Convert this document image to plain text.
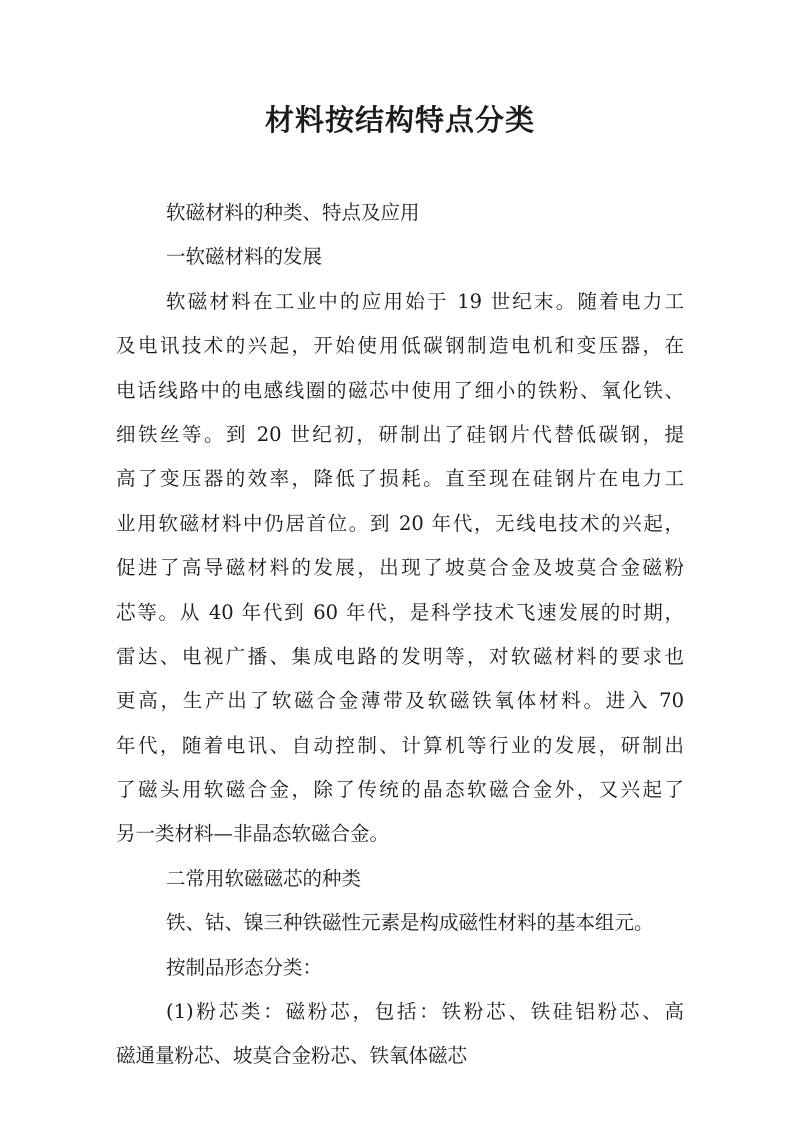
材料按结构特点分类
软磁材料的种类、特点及应用
一软磁材料的发展
软磁材料在工业中的应用始于 19 世纪末。随着电力工
及电讯技术的兴起，开始使用低碳钢制造电机和变压器，在
电话线路中的电感线圈的磁芯中使用了细小的铁粉、氧化铁、
细铁丝等。到 20 世纪初，研制出了硅钢片代替低碳钢，提
高了变压器的效率，降低了损耗。直至现在硅钢片在电力工
业用软磁材料中仍居首位。到 20 年代，无线电技术的兴起，
促进了高导磁材料的发展，出现了坡莫合金及坡莫合金磁粉
芯等。从 40 年代到 60 年代，是科学技术飞速发展的时期，
雷达、电视广播、集成电路的发明等，对软磁材料的要求也
更高，生产出了软磁合金薄带及软磁铁氧体材料。进入 70
年代，随着电讯、自动控制、计算机等行业的发展，研制出
了磁头用软磁合金，除了传统的晶态软磁合金外，又兴起了
另一类材料—非晶态软磁合金。
二常用软磁磁芯的种类
铁、钴、镍三种铁磁性元素是构成磁性材料的基本组元。
按制品形态分类：
(1)粉芯类：磁粉芯，包括：铁粉芯、铁硅铝粉芯、高
磁通量粉芯、坡莫合金粉芯、铁氧体磁芯
